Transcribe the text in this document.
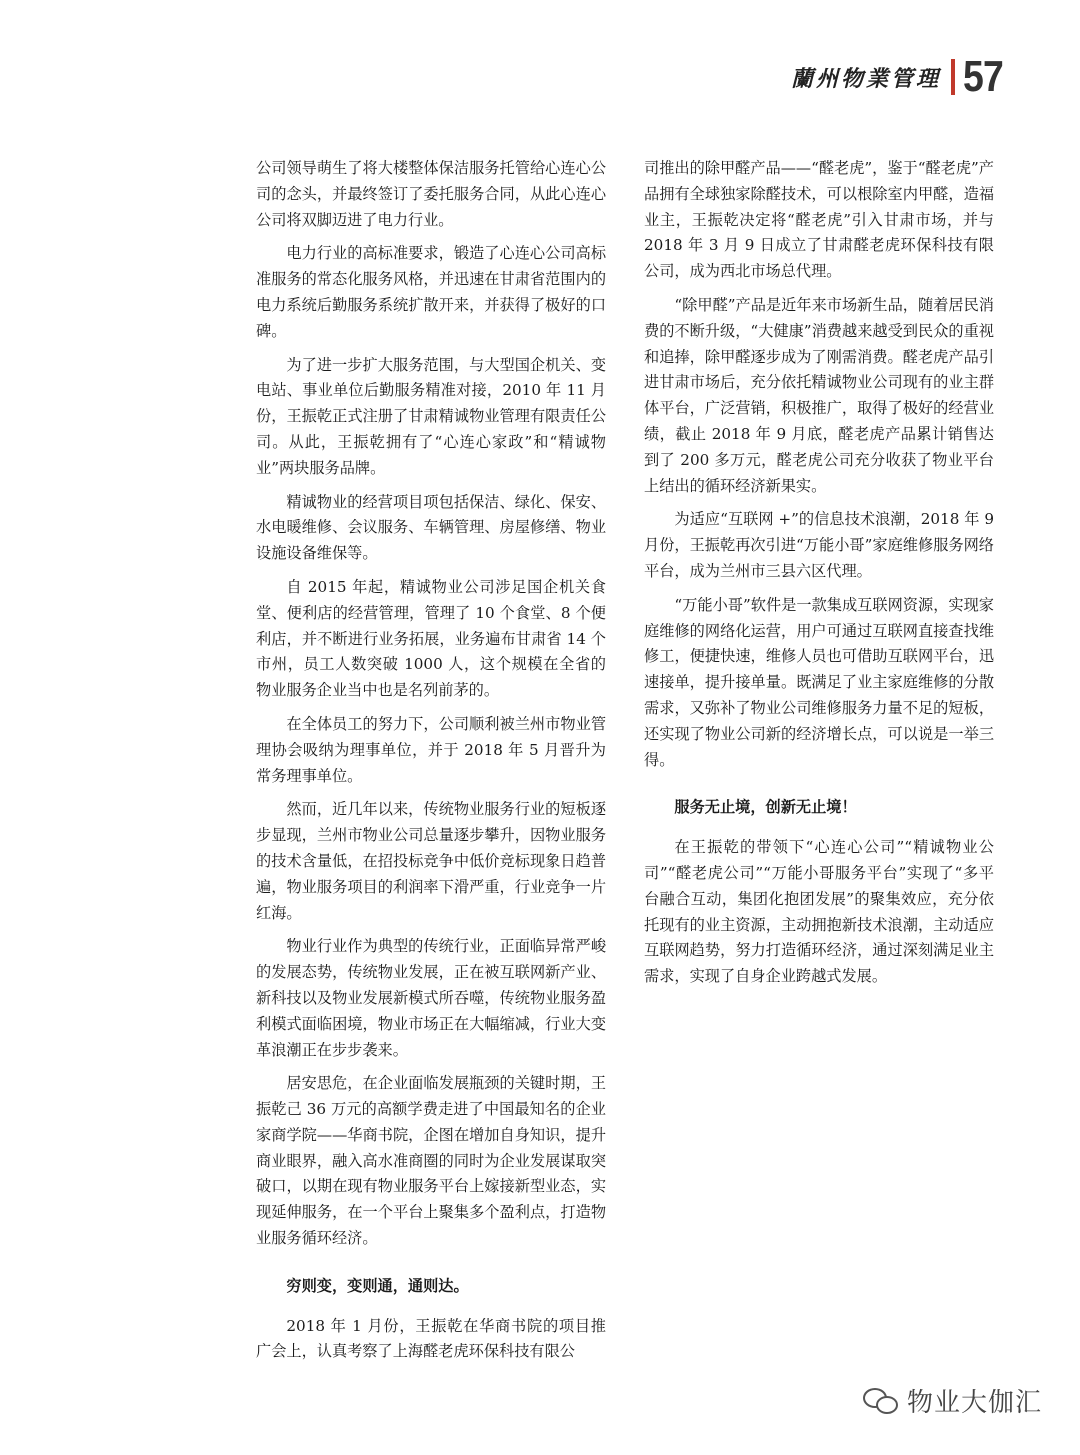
蘭州物業管理 57

公司领导萌生了将大楼整体保洁服务托管给心连心公司的念头，并最终签订了委托服务合同，从此心连心公司将双脚迈进了电力行业。

电力行业的高标准要求，锻造了心连心公司高标准服务的常态化服务风格，并迅速在甘肃省范围内的电力系统后勤服务系统扩散开来，并获得了极好的口碑。

为了进一步扩大服务范围，与大型国企机关、变电站、事业单位后勤服务精准对接，2010 年 11 月份，王振乾正式注册了甘肃精诚物业管理有限责任公司。从此，王振乾拥有了“心连心家政”和“精诚物业”两块服务品牌。

精诚物业的经营项目项包括保洁、绿化、保安、水电暖维修、会议服务、车辆管理、房屋修缮、物业设施设备维保等。

自 2015 年起，精诚物业公司涉足国企机关食堂、便利店的经营管理，管理了 10 个食堂、8 个便利店，并不断进行业务拓展，业务遍布甘肃省 14 个市州，员工人数突破 1000 人，这个规模在全省的物业服务企业当中也是名列前茅的。

在全体员工的努力下，公司顺利被兰州市物业管理协会吸纳为理事单位，并于 2018 年 5 月晋升为常务理事单位。

然而，近几年以来，传统物业服务行业的短板逐步显现，兰州市物业公司总量逐步攀升，因物业服务的技术含量低，在招投标竞争中低价竞标现象日趋普遍，物业服务项目的利润率下滑严重，行业竞争一片红海。

物业行业作为典型的传统行业，正面临异常严峻的发展态势，传统物业发展，正在被互联网新产业、新科技以及物业发展新模式所吞噬，传统物业服务盈利模式面临困境，物业市场正在大幅缩减，行业大变革浪潮正在步步袭来。

居安思危，在企业面临发展瓶颈的关键时期，王振乾己 36 万元的高额学费走进了中国最知名的企业家商学院——华商书院，企图在增加自身知识，提升商业眼界，融入高水准商圈的同时为企业发展谋取突破口，以期在现有物业服务平台上嫁接新型业态，实现延伸服务，在一个平台上聚集多个盈利点，打造物业服务循环经济。

穷则变，变则通，通则达。

2018 年 1 月份，王振乾在华商书院的项目推广会上，认真考察了上海醛老虎环保科技有限公

司推出的除甲醛产品——“醛老虎”，鉴于“醛老虎”产品拥有全球独家除醛技术，可以根除室内甲醛，造福业主，王振乾决定将“醛老虎”引入甘肃市场，并与 2018 年 3 月 9 日成立了甘肃醛老虎环保科技有限公司，成为西北市场总代理。

“除甲醛”产品是近年来市场新生品，随着居民消费的不断升级，“大健康”消费越来越受到民众的重视和追捧，除甲醛逐步成为了刚需消费。醛老虎产品引进甘肃市场后，充分依托精诚物业公司现有的业主群体平台，广泛营销，积极推广，取得了极好的经营业绩，截止 2018 年 9 月底，醛老虎产品累计销售达到了 200 多万元，醛老虎公司充分收获了物业平台上结出的循环经济新果实。

为适应“互联网 +”的信息技术浪潮，2018 年 9 月份，王振乾再次引进“万能小哥”家庭维修服务网络平台，成为兰州市三县六区代理。

“万能小哥”软件是一款集成互联网资源，实现家庭维修的网络化运营，用户可通过互联网直接查找维修工，便捷快速，维修人员也可借助互联网平台，迅速接单，提升接单量。既满足了业主家庭维修的分散需求，又弥补了物业公司维修服务力量不足的短板，还实现了物业公司新的经济增长点，可以说是一举三得。

服务无止境，创新无止境！

在王振乾的带领下“心连心公司”“精诚物业公司”“醛老虎公司”“万能小哥服务平台”实现了“多平台融合互动，集团化抱团发展”的聚集效应，充分依托现有的业主资源，主动拥抱新技术浪潮，主动适应互联网趋势，努力打造循环经济，通过深刻满足业主需求，实现了自身企业跨越式发展。

物业大伽汇
